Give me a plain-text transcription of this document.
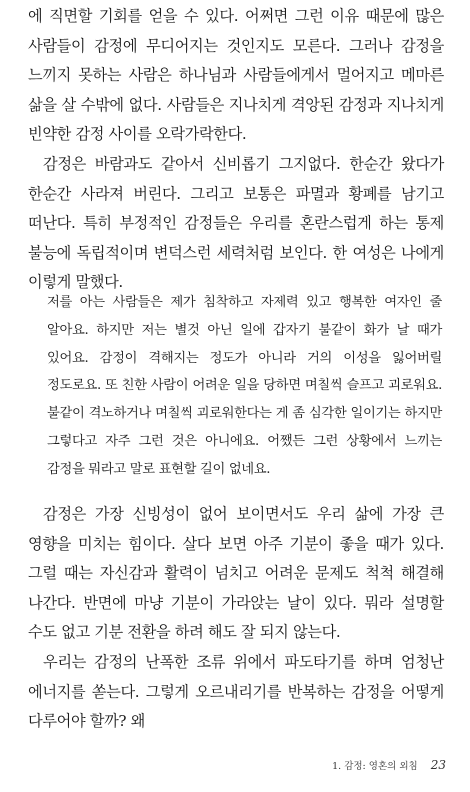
에 직면할 기회를 얻을 수 있다. 어쩌면 그런 이유 때문에 많은 사람들이 감정에 무디어지는 것인지도 모른다. 그러나 감정을 느끼지 못하는 사람은 하나님과 사람들에게서 멀어지고 메마른 삶을 살 수밖에 없다. 사람들은 지나치게 격앙된 감정과 지나치게 빈약한 감정 사이를 오락가락한다.

감정은 바람과도 같아서 신비롭기 그지없다. 한순간 왔다가 한순간 사라져 버린다. 그리고 보통은 파멸과 황폐를 남기고 떠난다. 특히 부정적인 감정들은 우리를 혼란스럽게 하는 통제 불능에 독립적이며 변덕스런 세력처럼 보인다. 한 여성은 나에게 이렇게 말했다.

저를 아는 사람들은 제가 침착하고 자제력 있고 행복한 여자인 줄 알아요. 하지만 저는 별것 아닌 일에 갑자기 불같이 화가 날 때가 있어요. 감정이 격해지는 정도가 아니라 거의 이성을 잃어버릴 정도로요. 또 친한 사람이 어려운 일을 당하면 며칠씩 슬프고 괴로워요. 불같이 격노하거나 며칠씩 괴로워한다는 게 좀 심각한 일이기는 하지만 그렇다고 자주 그런 것은 아니에요. 어쨌든 그런 상황에서 느끼는 감정을 뭐라고 말로 표현할 길이 없네요.

감정은 가장 신빙성이 없어 보이면서도 우리 삶에 가장 큰 영향을 미치는 힘이다. 살다 보면 아주 기분이 좋을 때가 있다. 그럴 때는 자신감과 활력이 넘치고 어려운 문제도 척척 해결해 나간다. 반면에 마냥 기분이 가라앉는 날이 있다. 뭐라 설명할 수도 없고 기분 전환을 하려 해도 잘 되지 않는다.

우리는 감정의 난폭한 조류 위에서 파도타기를 하며 엄청난 에너지를 쏟는다. 그렇게 오르내리기를 반복하는 감정을 어떻게 다루어야 할까? 왜

1. 감정: 영혼의 외침 23
